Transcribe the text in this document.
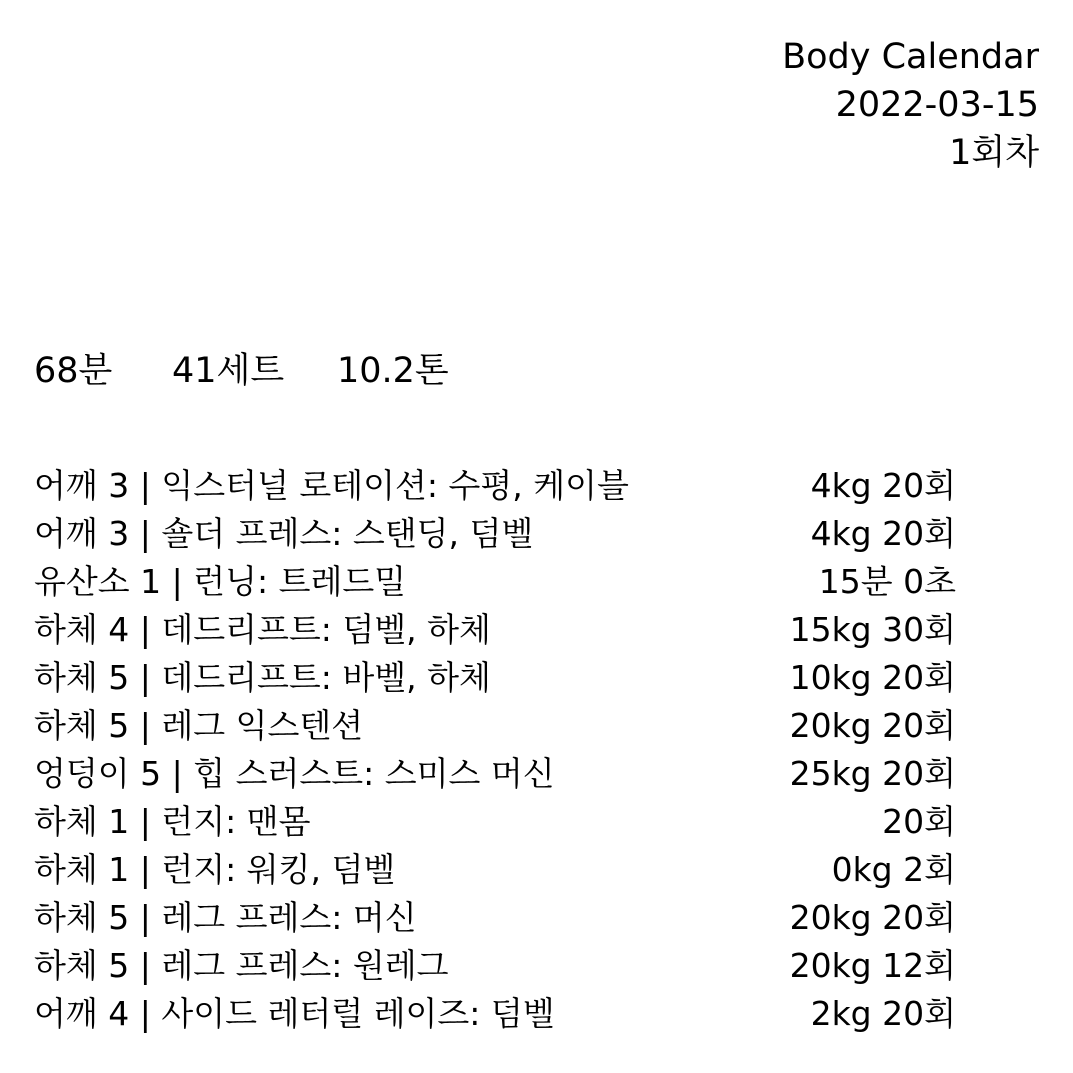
Body Calendar
2022-03-15
1회차
68분	41세트	10.2톤
어깨 3 | 익스터널 로테이션: 수평, 케이블	4kg 20회
어깨 3 | 숄더 프레스: 스탠딩, 덤벨	4kg 20회
유산소 1 | 런닝: 트레드밀	15분 0초
하체 4 | 데드리프트: 덤벨, 하체	15kg 30회
하체 5 | 데드리프트: 바벨, 하체	10kg 20회
하체 5 | 레그 익스텐션	20kg 20회
엉덩이 5 | 힙 스러스트: 스미스 머신	25kg 20회
하체 1 | 런지: 맨몸	20회
하체 1 | 런지: 워킹, 덤벨	0kg 2회
하체 5 | 레그 프레스: 머신	20kg 20회
하체 5 | 레그 프레스: 원레그	20kg 12회
어깨 4 | 사이드 레터럴 레이즈: 덤벨	2kg 20회
